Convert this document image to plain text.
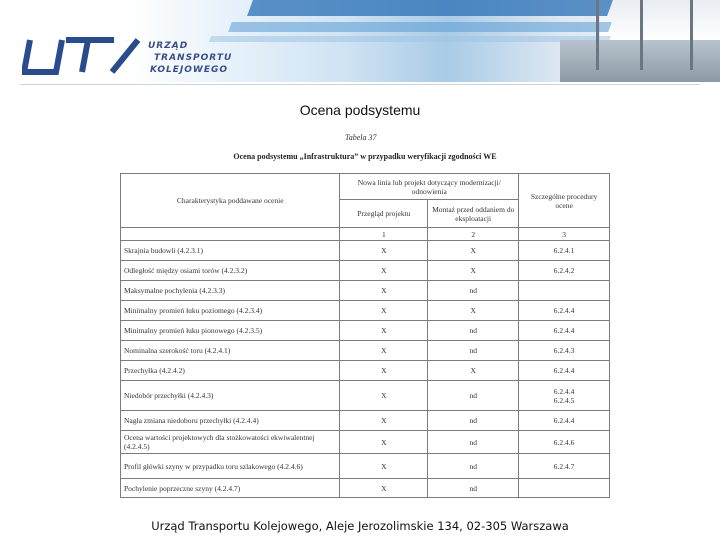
URZĄD
TRANSPORTU
KOLEJOWEGO
Ocena podsystemu
Tabela 37
Ocena podsystemu „Infrastruktura” w przypadku weryfikacji zgodności WE
Charakterystyka poddawane ocenie	Nowa linia lub projekt dotyczący modernizacji/ odnowienia		Szczególne procedury ocene
	Przegląd projektu	Montaż przed oddaniem do eksploatacji	
	1	2	3
Skrajnia budowli (4.2.3.1)	X	X	6.2.4.1
Odległość między osiami torów (4.2.3.2)	X	X	6.2.4.2
Maksymalne pochylenia (4.2.3.3)	X	nd	
Minimalny promień łuku poziomego (4.2.3.4)	X	X	6.2.4.4
Minimalny promień łuku pionowego (4.2.3.5)	X	nd	6.2.4.4
Nominalna szerokość toru (4.2.4.1)	X	nd	6.2.4.3
Przechyłka (4.2.4.2)	X	X	6.2.4.4
Niedobór przechyłki (4.2.4.3)	X	nd	6.2.4.4
6.2.4.5
Nagła zmiana niedoboru przechyłki (4.2.4.4)	X	nd	6.2.4.4
Ocena wartości projektowych dla stożkowatości ekwiwalentnej (4.2.4.5)	X	nd	6.2.4.6
Profil główki szyny w przypadku toru szlakowego (4.2.4.6)	X	nd	6.2.4.7
Pochylenie poprzeczne szyny (4.2.4.7)	X	nd	
Urząd Transportu Kolejowego, Aleje Jerozolimskie 134, 02-305 Warszawa
